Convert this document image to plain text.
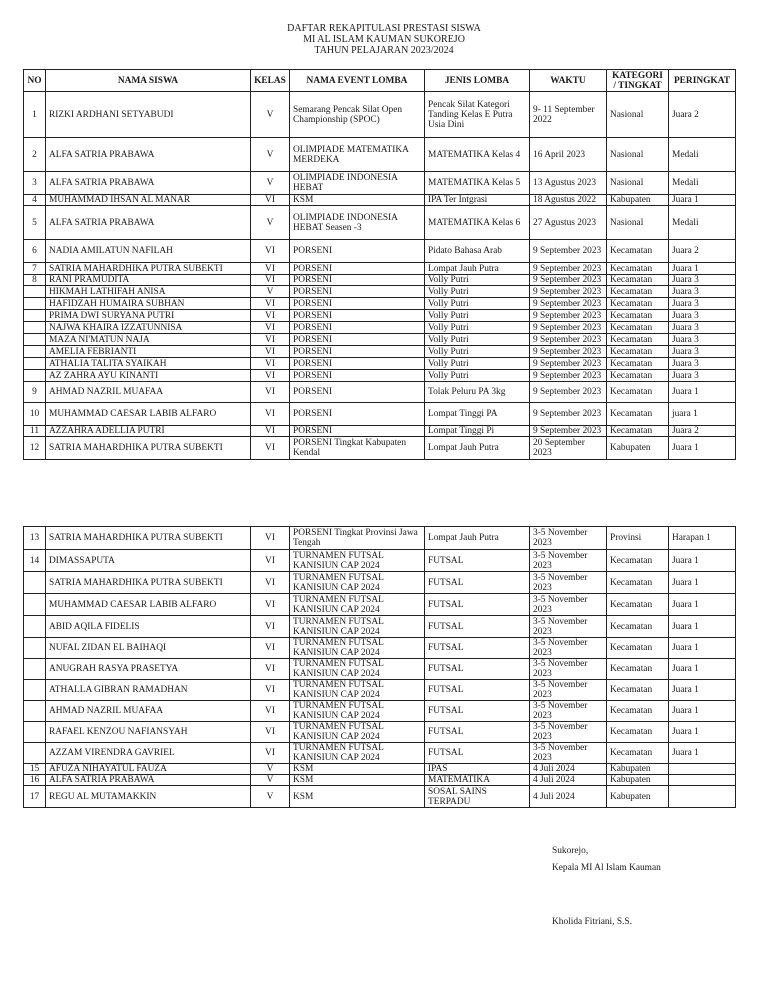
DAFTAR REKAPITULASI PRESTASI SISWA
MI AL ISLAM KAUMAN SUKOREJO
TAHUN PELAJARAN 2023/2024
NO	NAMA SISWA	KELAS	NAMA EVENT LOMBA	JENIS LOMBA	WAKTU	KATEGORI / TINGKAT	PERINGKAT
1	RIZKI ARDHANI SETYABUDI	V	Semarang Pencak Silat Open Championship (SPOC)	Pencak Silat Kategori Tanding Kelas E Putra Usia Dini	9- 11 September 2022	Nasional	Juara 2
2	ALFA SATRIA PRABAWA	V	OLIMPIADE MATEMATIKA MERDEKA	MATEMATIKA Kelas 4	16 April 2023	Nasional	Medali
3	ALFA SATRIA PRABAWA	V	OLIMPIADE INDONESIA HEBAT	MATEMATIKA Kelas 5	13 Agustus 2023	Nasional	Medali
4	MUHAMMAD IHSAN AL MANAR	VI	KSM	IPA Ter Intgrasi	18 Agustus 2022	Kabupaten	Juara 1
5	ALFA SATRIA PRABAWA	V	OLIMPIADE INDONESIA HEBAT Seasen -3	MATEMATIKA Kelas 6	27 Agustus 2023	Nasional	Medali
6	NADIA AMILATUN NAFILAH	VI	PORSENI	Pidato Bahasa Arab	9 September 2023	Kecamatan	Juara 2
7	SATRIA MAHARDHIKA PUTRA SUBEKTI	VI	PORSENI	Lompat Jauh Putra	9 September 2023	Kecamatan	Juara 1
8	RANI PRAMUDITA	VI	PORSENI	Volly Putri	9 September 2023	Kecamatan	Juara 3
	HIKMAH LATHIFAH ANISA	V	PORSENI	Volly Putri	9 September 2023	Kecamatan	Juara 3
	HAFIDZAH HUMAIRA SUBHAN	VI	PORSENI	Volly Putri	9 September 2023	Kecamatan	Juara 3
	PRIMA DWI SURYANA PUTRI	VI	PORSENI	Volly Putri	9 September 2023	Kecamatan	Juara 3
	NAJWA KHAIRA IZZATUNNISA	VI	PORSENI	Volly Putri	9 September 2023	Kecamatan	Juara 3
	MAZA NI'MATUN NAJA	VI	PORSENI	Volly Putri	9 September 2023	Kecamatan	Juara 3
	AMELIA FEBRIANTI	VI	PORSENI	Volly Putri	9 September 2023	Kecamatan	Juara 3
	ATHALIA TALITA SYAIKAH	VI	PORSENI	Volly Putri	9 September 2023	Kecamatan	Juara 3
	AZ ZAHRA AYU KINANTI	VI	PORSENI	Volly Putri	9 September 2023	Kecamatan	Juara 3
9	AHMAD NAZRIL MUAFAA	VI	PORSENI	Tolak Peluru PA 3kg	9 September 2023	Kecamatan	Juara 1
10	MUHAMMAD CAESAR LABIB ALFARO	VI	PORSENI	Lompat Tinggi PA	9 September 2023	Kecamatan	juara 1
11	AZZAHRA ADELLIA PUTRI	VI	PORSENI	Lompat Tinggi Pi	9 September 2023	Kecamatan	Juara 2
12	SATRIA MAHARDHIKA PUTRA SUBEKTI	VI	PORSENI Tingkat Kabupaten Kendal	Lompat Jauh Putra	20 September 2023	Kabupaten	Juara 1
13	SATRIA MAHARDHIKA PUTRA SUBEKTI	VI	PORSENI Tingkat Provinsi Jawa Tengah	Lompat Jauh Putra	3-5 November 2023	Provinsi	Harapan 1
14	DIMASSAPUTA	VI	TURNAMEN FUTSAL KANISIUN CAP 2024	FUTSAL	3-5 November 2023	Kecamatan	Juara 1
	SATRIA MAHARDHIKA PUTRA SUBEKTI	VI	TURNAMEN FUTSAL KANISIUN CAP 2024	FUTSAL	3-5 November 2023	Kecamatan	Juara 1
	MUHAMMAD CAESAR LABIB ALFARO	VI	TURNAMEN FUTSAL KANISIUN CAP 2024	FUTSAL	3-5 November 2023	Kecamatan	Juara 1
	ABID AQILA FIDELIS	VI	TURNAMEN FUTSAL KANISIUN CAP 2024	FUTSAL	3-5 November 2023	Kecamatan	Juara 1
	NUFAL ZIDAN EL BAIHAQI	VI	TURNAMEN FUTSAL KANISIUN CAP 2024	FUTSAL	3-5 November 2023	Kecamatan	Juara 1
	ANUGRAH RASYA PRASETYA	VI	TURNAMEN FUTSAL KANISIUN CAP 2024	FUTSAL	3-5 November 2023	Kecamatan	Juara 1
	ATHALLA GIBRAN RAMADHAN	VI	TURNAMEN FUTSAL KANISIUN CAP 2024	FUTSAL	3-5 November 2023	Kecamatan	Juara 1
	AHMAD NAZRIL MUAFAA	VI	TURNAMEN FUTSAL KANISIUN CAP 2024	FUTSAL	3-5 November 2023	Kecamatan	Juara 1
	RAFAEL KENZOU NAFIANSYAH	VI	TURNAMEN FUTSAL KANISIUN CAP 2024	FUTSAL	3-5 November 2023	Kecamatan	Juara 1
	AZZAM VIRENDRA GAVRIEL	VI	TURNAMEN FUTSAL KANISIUN CAP 2024	FUTSAL	3-5 November 2023	Kecamatan	Juara 1
15	AFUZA NIHAYATUL FAUZA	V	KSM	IPAS	4 Juli 2024	Kabupaten	
16	ALFA SATRIA PRABAWA	V	KSM	MATEMATIKA	4 Juli 2024	Kabupaten	
17	REGU AL MUTAMAKKIN	V	KSM	SOSAL SAINS TERPADU	4 Juli 2024	Kabupaten	
Sukorejo,
Kepala MI Al Islam Kauman
Kholida Fitriani, S.S.
